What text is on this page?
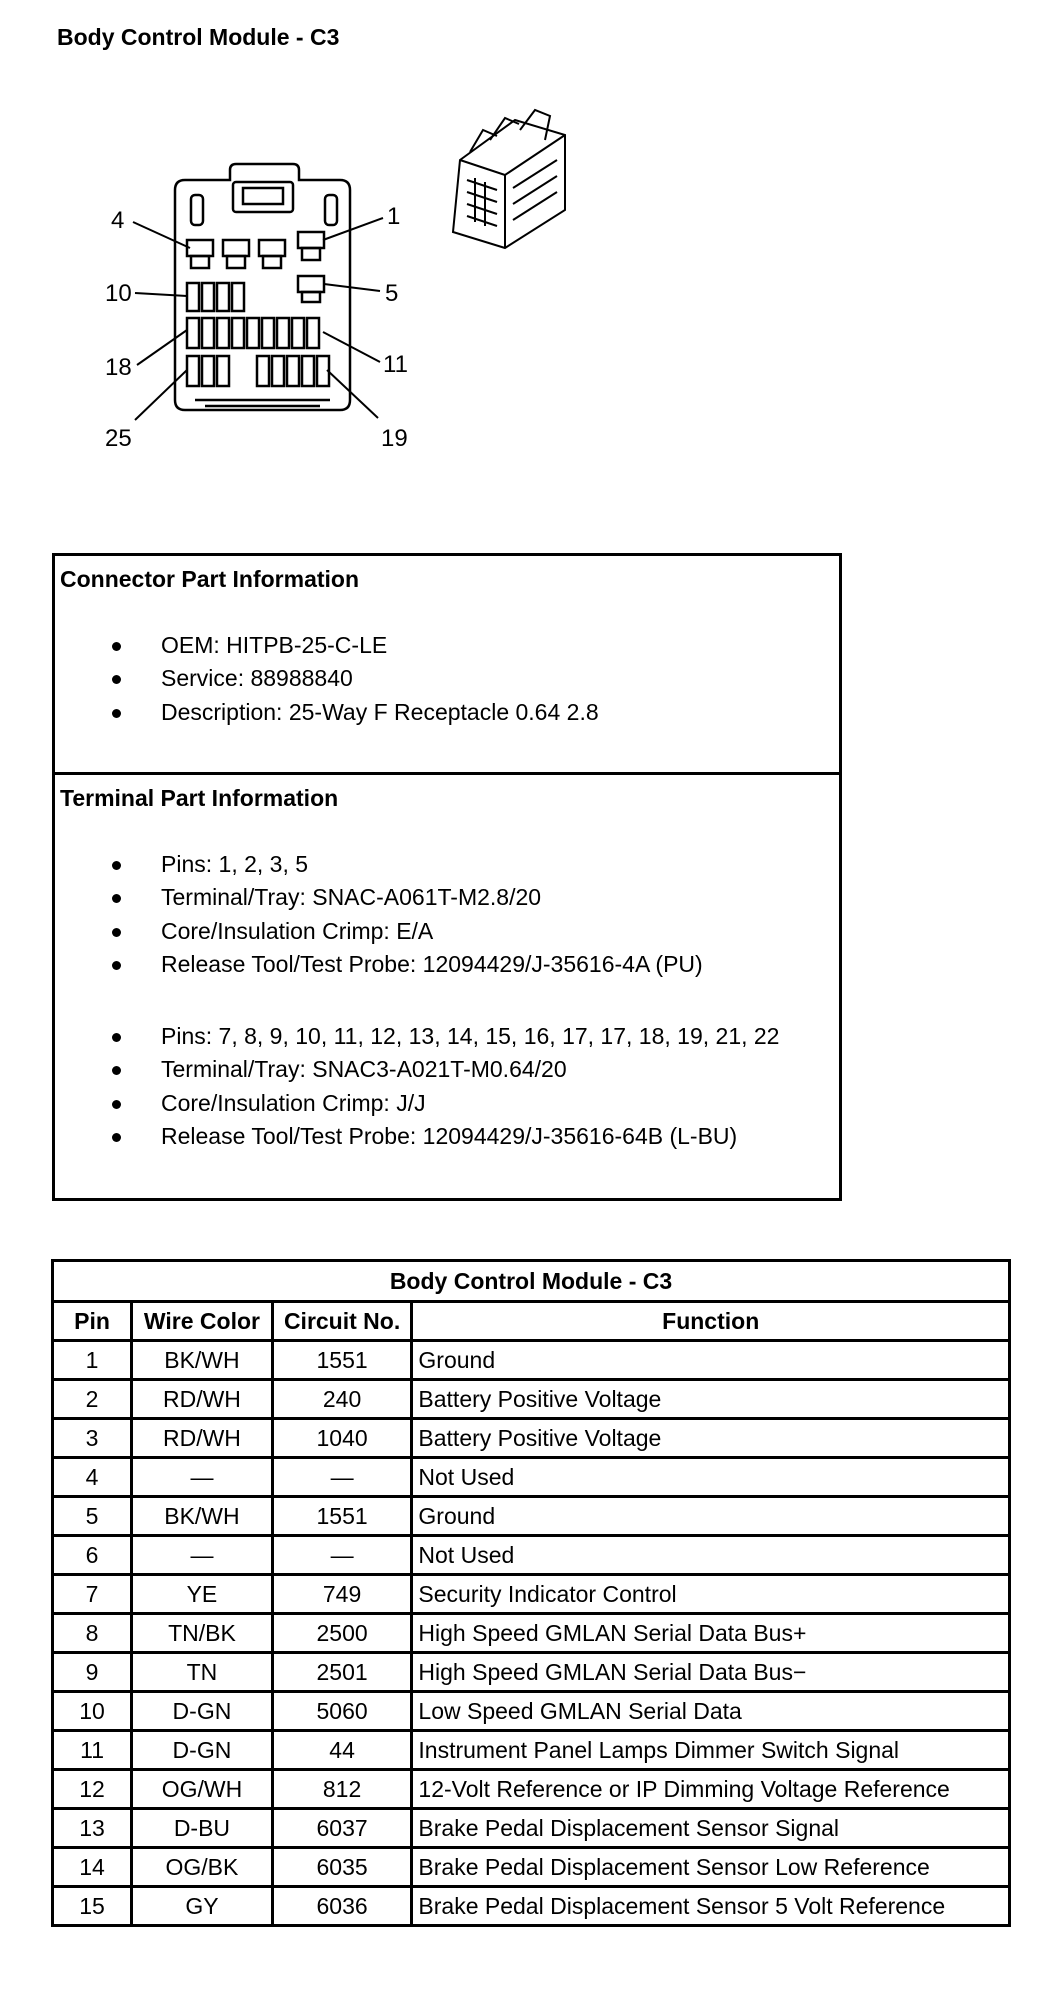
Body Control Module - C3
4	1
10	5
18	11
25	19
Connector Part Information
OEM: HITPB-25-C-LE
Service: 88988840
Description: 25-Way F Receptacle 0.64 2.8
Terminal Part Information
Pins: 1, 2, 3, 5
Terminal/Tray: SNAC-A061T-M2.8/20
Core/Insulation Crimp: E/A
Release Tool/Test Probe: 12094429/J-35616-4A (PU)
Pins: 7, 8, 9, 10, 11, 12, 13, 14, 15, 16, 17, 17, 18, 19, 21, 22
Terminal/Tray: SNAC3-A021T-M0.64/20
Core/Insulation Crimp: J/J
Release Tool/Test Probe: 12094429/J-35616-64B (L-BU)
Body Control Module - C3			
Pin	Wire Color	Circuit No.	Function
1	BK/WH	1551	Ground
2	RD/WH	240	Battery Positive Voltage
3	RD/WH	1040	Battery Positive Voltage
4	—	—	Not Used
5	BK/WH	1551	Ground
6	—	—	Not Used
7	YE	749	Security Indicator Control
8	TN/BK	2500	High Speed GMLAN Serial Data Bus+
9	TN	2501	High Speed GMLAN Serial Data Bus−
10	D-GN	5060	Low Speed GMLAN Serial Data
11	D-GN	44	Instrument Panel Lamps Dimmer Switch Signal
12	OG/WH	812	12-Volt Reference or IP Dimming Voltage Reference
13	D-BU	6037	Brake Pedal Displacement Sensor Signal
14	OG/BK	6035	Brake Pedal Displacement Sensor Low Reference
15	GY	6036	Brake Pedal Displacement Sensor 5 Volt Reference
